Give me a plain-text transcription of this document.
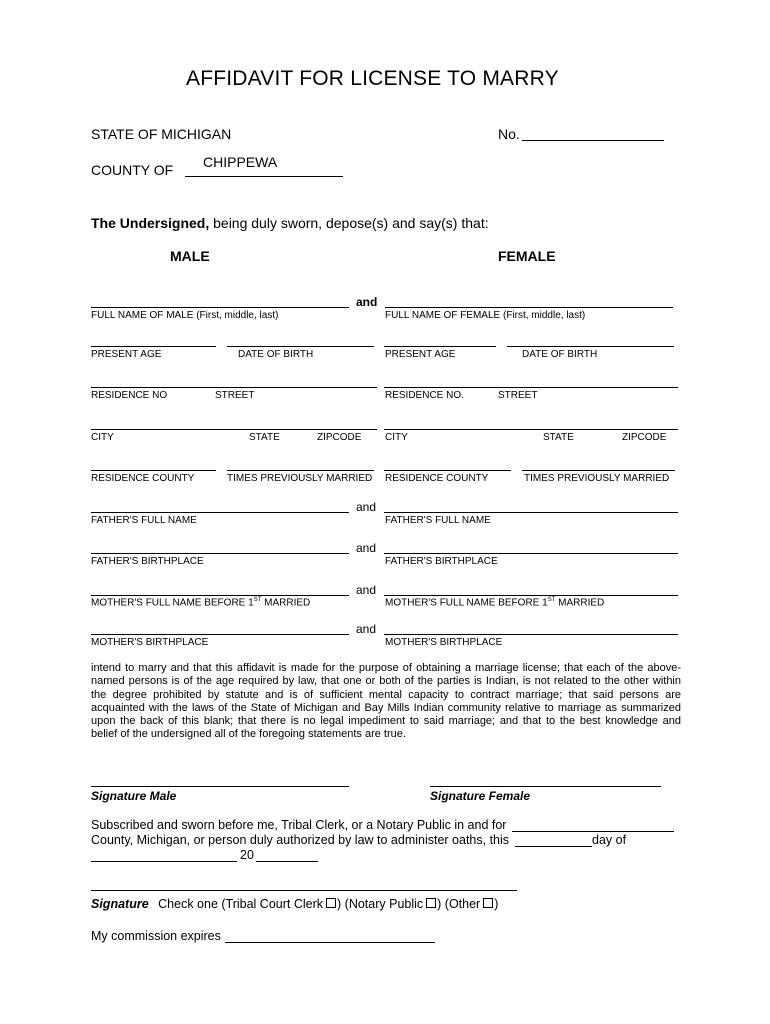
AFFIDAVIT FOR LICENSE TO MARRY
STATE OF MICHIGAN	No.
COUNTY OF CHIPPEWA
The Undersigned, being duly sworn, depose(s) and say(s) that:
MALE	FEMALE
and
FULL NAME OF MALE (First, middle, last)	FULL NAME OF FEMALE (First, middle, last)
PRESENT AGE	DATE OF BIRTH	PRESENT AGE	DATE OF BIRTH
RESIDENCE NO	STREET	RESIDENCE NO.	STREET
CITY	STATE	ZIPCODE CITY	STATE	ZIPCODE
RESIDENCE COUNTY	TIMES PREVIOUSLY MARRIED RESIDENCE COUNTY	TIMES PREVIOUSLY MARRIED
and
FATHER'S FULL NAME	FATHER'S FULL NAME
and
FATHER'S BIRTHPLACE	FATHER'S BIRTHPLACE
and
MOTHER'S FULL NAME BEFORE 1ST MARRIED	MOTHER'S FULL NAME BEFORE 1ST MARRIED
and
MOTHER'S BIRTHPLACE	MOTHER'S BIRTHPLACE
intend to marry and that this affidavit is made for the purpose of obtaining a marriage license; that each of the above-
named persons is of the age required by law, that one or both of the parties is Indian, is not related to the other within
the degree prohibited by statute and is of sufficient mental capacity to contract marriage; that said persons are
acquainted with the laws of the State of Michigan and Bay Mills Indian community relative to marriage as summarized
upon the back of this blank; that there is no legal impediment to said marriage; and that to the best knowledge and
belief of the undersigned all of the foregoing statements are true.
Signature Male	Signature Female
Subscribed and sworn before me, Tribal Clerk, or a Notary Public in and for
County, Michigan, or person duly authorized by law to administer oaths, this	day of
20
Signature Check one (Tribal Court Clerk ) (Notary Public ) (Other )
My commission expires
